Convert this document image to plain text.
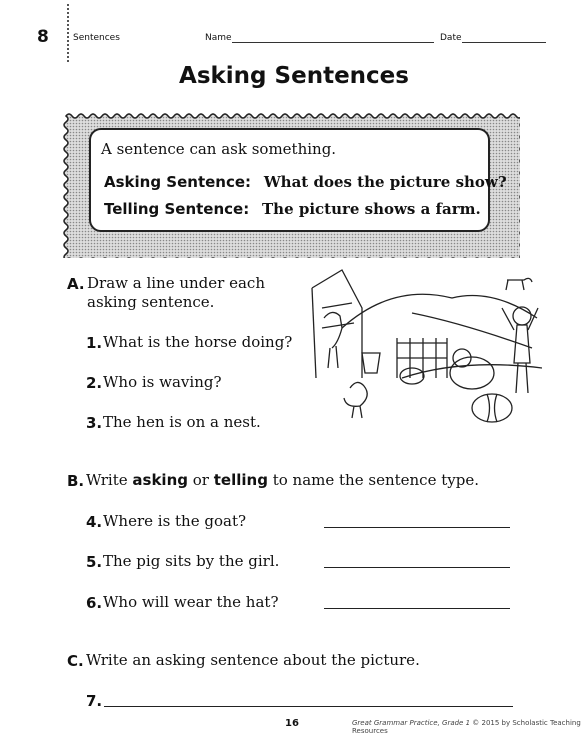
8	Sentences	Name	Date
Asking Sentences
A sentence can ask something.
Asking Sentence: What does the picture show?
Telling Sentence: The picture shows a farm.
A. Draw a line under each
asking sentence.
1. What is the horse doing?
2. Who is waving?
3. The hen is on a nest.
B. Write asking or telling to name the sentence type.
4. Where is the goat?
5. The pig sits by the girl.
6. Who will wear the hat?
C. Write an asking sentence about the picture.
7.
16	Great Grammar Practice, Grade 1 © 2015 by Scholastic Teaching Resources
